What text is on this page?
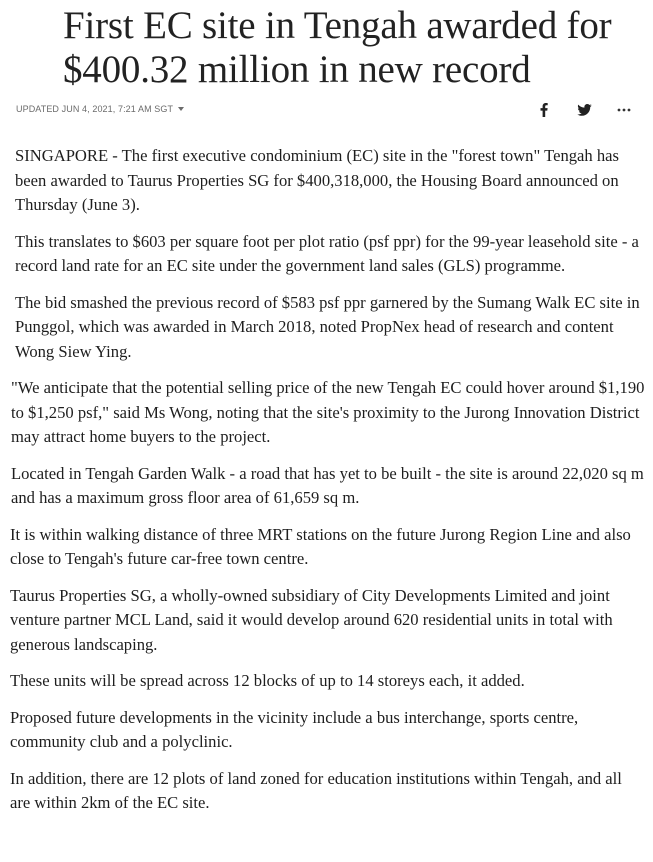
First EC site in Tengah awarded for $400.32 million in new record
UPDATED JUN 4, 2021, 7:21 AM SGT

SINGAPORE - The first executive condominium (EC) site in the "forest town" Tengah has been awarded to Taurus Properties SG for $400,318,000, the Housing Board announced on Thursday (June 3).

This translates to $603 per square foot per plot ratio (psf ppr) for the 99-year leasehold site - a record land rate for an EC site under the government land sales (GLS) programme.

The bid smashed the previous record of $583 psf ppr garnered by the Sumang Walk EC site in Punggol, which was awarded in March 2018, noted PropNex head of research and content Wong Siew Ying.

"We anticipate that the potential selling price of the new Tengah EC could hover around $1,190 to $1,250 psf," said Ms Wong, noting that the site's proximity to the Jurong Innovation District may attract home buyers to the project.

Located in Tengah Garden Walk - a road that has yet to be built - the site is around 22,020 sq m and has a maximum gross floor area of 61,659 sq m.

It is within walking distance of three MRT stations on the future Jurong Region Line and also close to Tengah's future car-free town centre.

Taurus Properties SG, a wholly-owned subsidiary of City Developments Limited and joint venture partner MCL Land, said it would develop around 620 residential units in total with generous landscaping.

These units will be spread across 12 blocks of up to 14 storeys each, it added.

Proposed future developments in the vicinity include a bus interchange, sports centre, community club and a polyclinic.

In addition, there are 12 plots of land zoned for education institutions within Tengah, and all are within 2km of the EC site.
